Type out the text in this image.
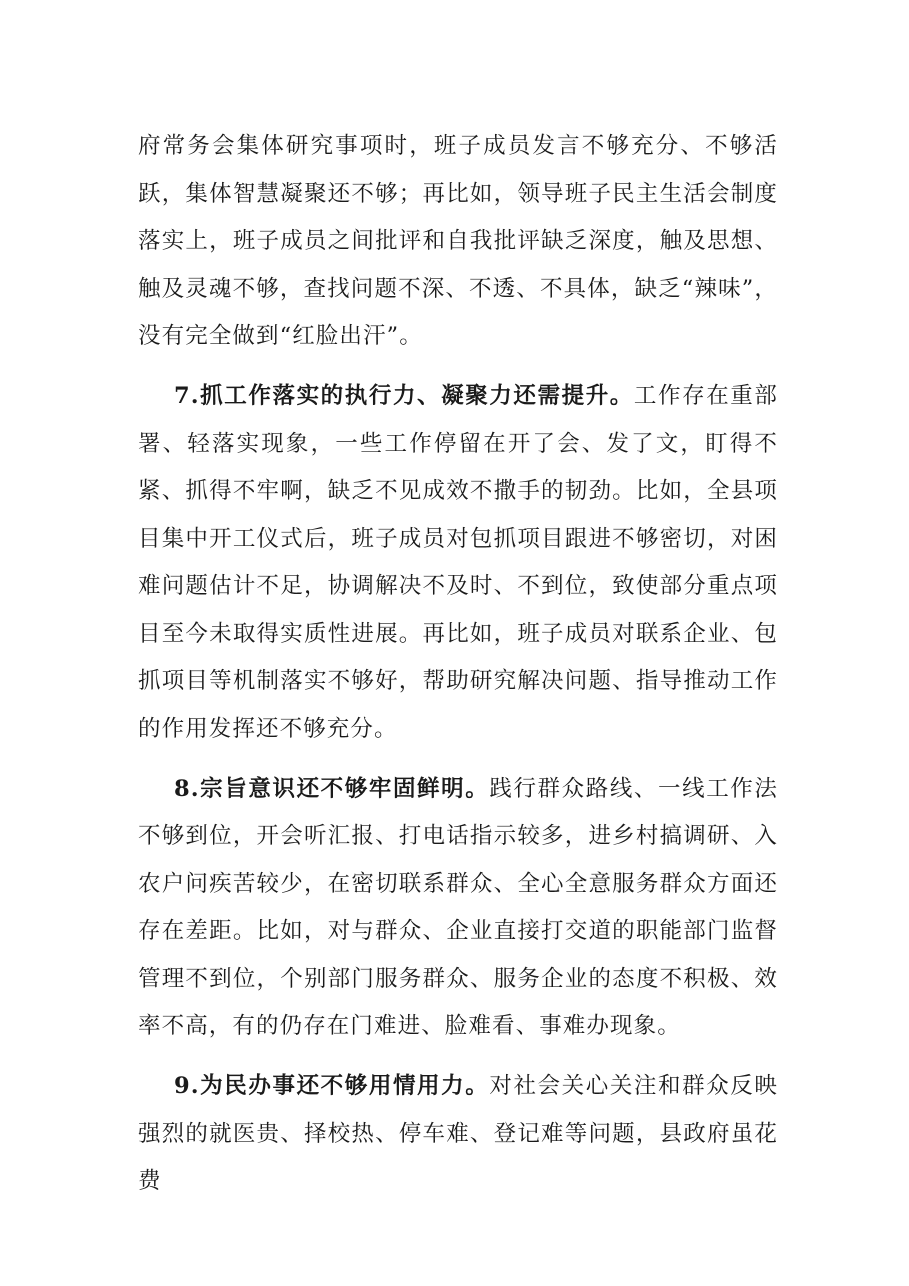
府常务会集体研究事项时，班子成员发言不够充分、不够活跃，集体智慧凝聚还不够；再比如，领导班子民主生活会制度落实上，班子成员之间批评和自我批评缺乏深度，触及思想、触及灵魂不够，查找问题不深、不透、不具体，缺乏“辣味”，没有完全做到“红脸出汗”。

7.抓工作落实的执行力、凝聚力还需提升。工作存在重部署、轻落实现象，一些工作停留在开了会、发了文，盯得不紧、抓得不牢啊，缺乏不见成效不撒手的韧劲。比如，全县项目集中开工仪式后，班子成员对包抓项目跟进不够密切，对困难问题估计不足，协调解决不及时、不到位，致使部分重点项目至今未取得实质性进展。再比如，班子成员对联系企业、包抓项目等机制落实不够好，帮助研究解决问题、指导推动工作的作用发挥还不够充分。

8.宗旨意识还不够牢固鲜明。践行群众路线、一线工作法不够到位，开会听汇报、打电话指示较多，进乡村搞调研、入农户问疾苦较少，在密切联系群众、全心全意服务群众方面还存在差距。比如，对与群众、企业直接打交道的职能部门监督管理不到位，个别部门服务群众、服务企业的态度不积极、效率不高，有的仍存在门难进、脸难看、事难办现象。

9.为民办事还不够用情用力。对社会关心关注和群众反映强烈的就医贵、择校热、停车难、登记难等问题，县政府虽花费
